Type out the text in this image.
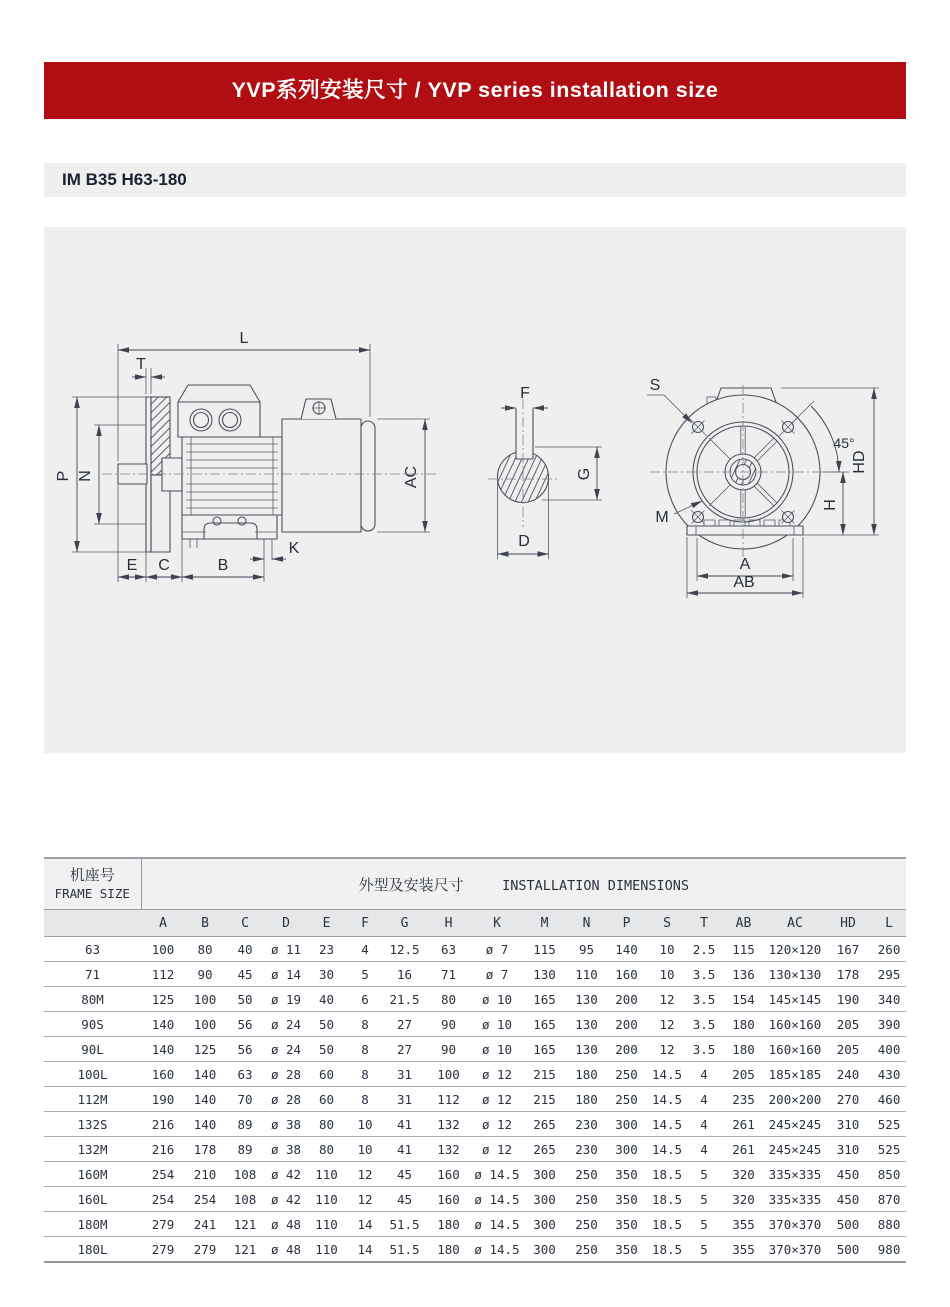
YVP系列安装尺寸 / YVP series installation size
IM B35 H63-180
L
T
P N	AC
E C	B
K
F
G
D
S
M
45°
H
HD
A
AB
机座号
FRAME SIZE	外型及安装尺寸 INSTALLATION DIMENSIONS																	
	A	B	C	D	E	F	G	H	K	M	N	P	S	T	AB	AC	HD	L
63	100	80	40	ø 11	23	4	12.5	63	ø 7	115	95	140	10	2.5	115	120×120	167	260
71	112	90	45	ø 14	30	5	16	71	ø 7	130	110	160	10	3.5	136	130×130	178	295
80M	125	100	50	ø 19	40	6	21.5	80	ø 10	165	130	200	12	3.5	154	145×145	190	340
90S	140	100	56	ø 24	50	8	27	90	ø 10	165	130	200	12	3.5	180	160×160	205	390
90L	140	125	56	ø 24	50	8	27	90	ø 10	165	130	200	12	3.5	180	160×160	205	400
100L	160	140	63	ø 28	60	8	31	100	ø 12	215	180	250	14.5	4	205	185×185	240	430
112M	190	140	70	ø 28	60	8	31	112	ø 12	215	180	250	14.5	4	235	200×200	270	460
132S	216	140	89	ø 38	80	10	41	132	ø 12	265	230	300	14.5	4	261	245×245	310	525
132M	216	178	89	ø 38	80	10	41	132	ø 12	265	230	300	14.5	4	261	245×245	310	525
160M	254	210	108	ø 42	110	12	45	160	ø 14.5	300	250	350	18.5	5	320	335×335	450	850
160L	254	254	108	ø 42	110	12	45	160	ø 14.5	300	250	350	18.5	5	320	335×335	450	870
180M	279	241	121	ø 48	110	14	51.5	180	ø 14.5	300	250	350	18.5	5	355	370×370	500	880
180L	279	279	121	ø 48	110	14	51.5	180	ø 14.5	300	250	350	18.5	5	355	370×370	500	980
